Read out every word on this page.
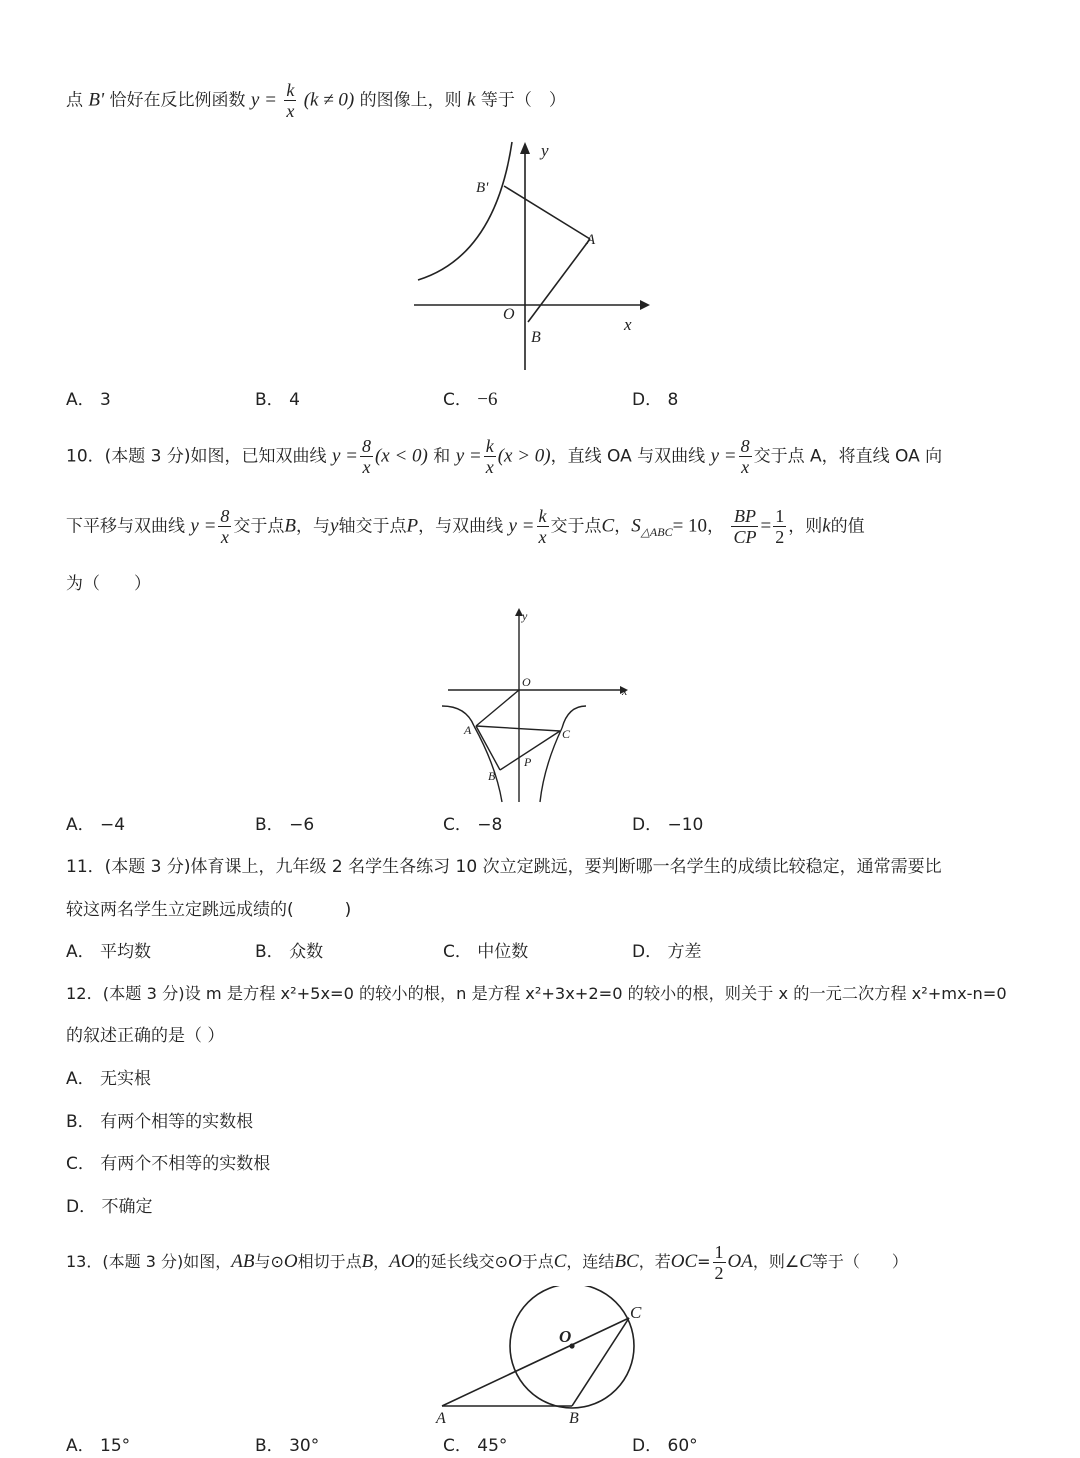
点 B' 恰好在反比例函数 $y = \frac{k}{x} (k \ne 0)$ 的图像上，则 k 等于（　）
y
x
O
A
B
B'
A． 3	B． 4	C． −6	D． 8
10．(本题 3 分)如图，已知双曲线 $y = \frac{8}{x} (x < 0)$ 和 $y = \frac{k}{x} (x > 0)$，直线 OA 与双曲线 $y = \frac{8}{x}$ 交于点 A，将直线 OA 向
下平移与双曲线 $y = \frac{8}{x}$ 交于点B，与y轴交于点P，与双曲线 $y = \frac{k}{x}$ 交于点C，$S_{\triangle ABC}= 10$， $\frac{BP}{CP} = \frac{1}{2}$ ，则k的值
为（　　）
y
x
O
A
B
C
P
A． −4	B． −6	C． −8	D． −10
11．(本题 3 分)体育课上，九年级 2 名学生各练习 10 次立定跳远，要判断哪一名学生的成绩比较稳定，通常需要比
较这两名学生立定跳远成绩的(　　　)
A． 平均数	B． 众数	C． 中位数	D． 方差
12．(本题 3 分)设 m 是方程 x²+5x=0 的较小的根，n 是方程 x²+3x+2=0 的较小的根，则关于 x 的一元二次方程 x²+mx-n=0
的叙述正确的是（ ）
A． 无实根
B． 有两个相等的实数根
C． 有两个不相等的实数根
D． 不确定
13．(本题 3 分)如图，AB与⊙O相切于点B，AO的延长线交⊙O于点C，连结BC，若$OC= \frac{1}{2}$ OA，则∠C等于（　　）
O
A	B
C
A． 15°	B． 30°	C． 45°	D． 60°
